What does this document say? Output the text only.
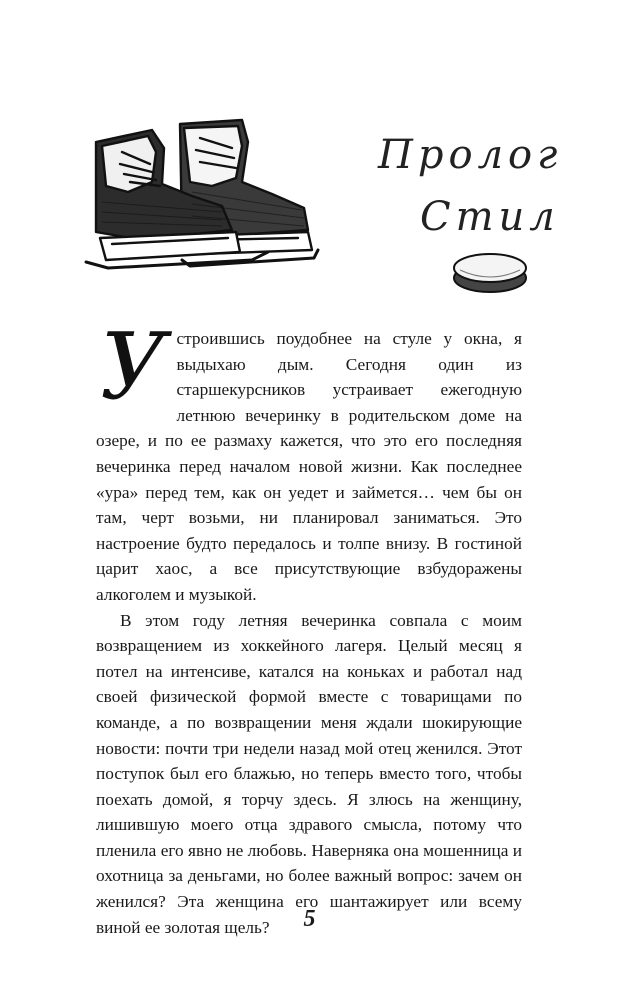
Пролог
Стил

Устроившись поудобнее на стуле у окна, я выдыхаю дым. Сегодня один из старшекурсников устраивает ежегодную летнюю вечеринку в родительском доме на озере, и по ее размаху кажется, что это его последняя вечеринка перед началом новой жизни. Как последнее «ура» перед тем, как он уедет и займется… чем бы он там, черт возьми, ни планировал заниматься. Это настроение будто передалось и толпе внизу. В гостиной царит хаос, а все присутствующие взбудоражены алкоголем и музыкой.

В этом году летняя вечеринка совпала с моим возвращением из хоккейного лагеря. Целый месяц я потел на интенсиве, катался на коньках и работал над своей физической формой вместе с товарищами по команде, а по возвращении меня ждали шокирующие новости: почти три недели назад мой отец женился. Этот поступок был его блажью, но теперь вместо того, чтобы поехать домой, я торчу здесь. Я злюсь на женщину, лишившую моего отца здравого смысла, потому что пленила его явно не любовь. Наверняка она мошенница и охотница за деньгами, но более важный вопрос: зачем он женился? Эта женщина его шантажирует или всему виной ее золотая щель?	5
